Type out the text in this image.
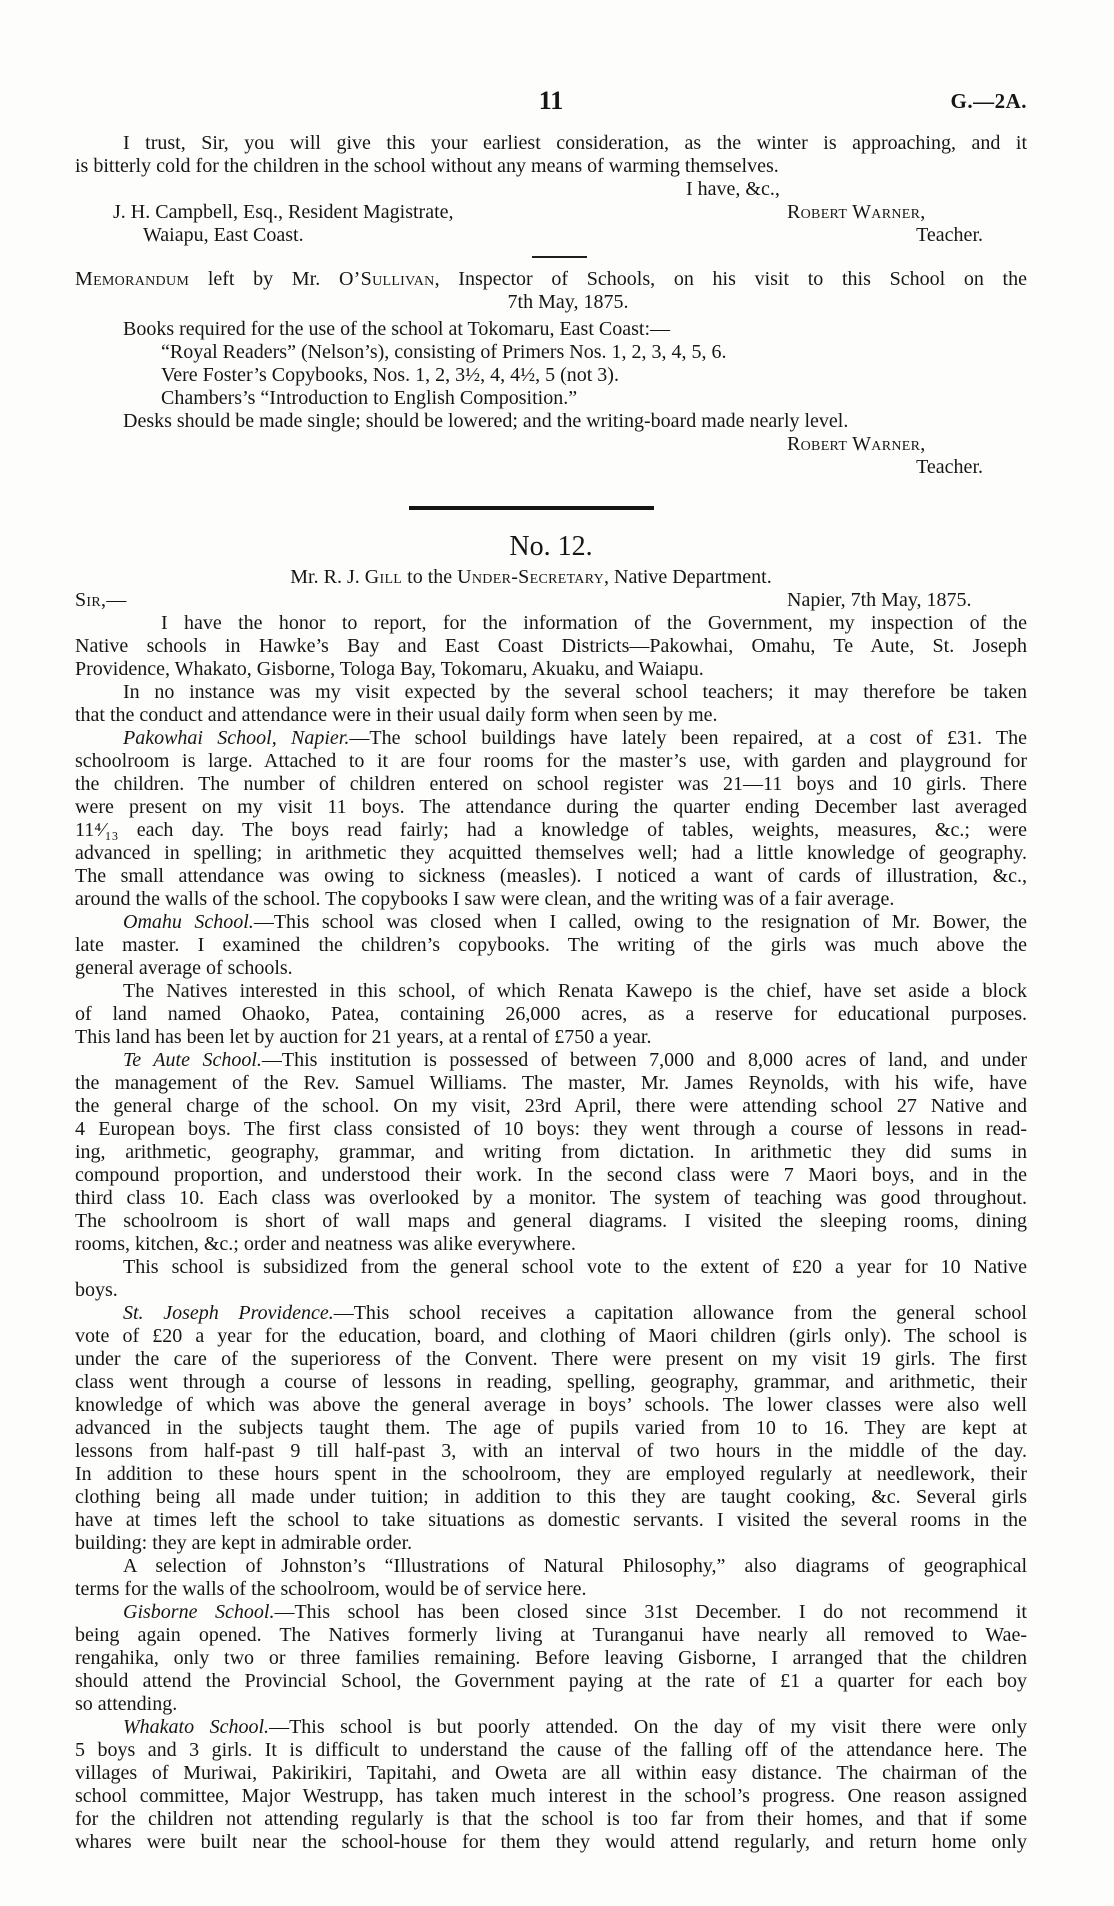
11	G.—2A.
I trust, Sir, you will give this your earliest consideration, as the winter is approaching, and it
is bitterly cold for the children in the school without any means of warming themselves.
I have, &c.,
J. H. Campbell, Esq., Resident Magistrate,	Robert Warner,
Waiapu, East Coast.	Teacher.
Memorandum left by Mr. O’Sullivan, Inspector of Schools, on his visit to this School on the
7th May, 1875.
Books required for the use of the school at Tokomaru, East Coast:—
“Royal Readers” (Nelson’s), consisting of Primers Nos. 1, 2, 3, 4, 5, 6.
Vere Foster’s Copybooks, Nos. 1, 2, 3½, 4, 4½, 5 (not 3).
Chambers’s “Introduction to English Composition.”
Desks should be made single; should be lowered; and the writing-board made nearly level.
Robert Warner,
Teacher.
No. 12.
Mr. R. J. Gill to the Under-Secretary, Native Department.
Sir,—	Napier, 7th May, 1875.
I have the honor to report, for the information of the Government, my inspection of the
Native schools in Hawke’s Bay and East Coast Districts—Pakowhai, Omahu, Te Aute, St. Joseph
Providence, Whakato, Gisborne, Tologa Bay, Tokomaru, Akuaku, and Waiapu.
In no instance was my visit expected by the several school teachers; it may therefore be taken
that the conduct and attendance were in their usual daily form when seen by me.
Pakowhai School, Napier.—The school buildings have lately been repaired, at a cost of £31. The
schoolroom is large. Attached to it are four rooms for the master’s use, with garden and playground for
the children. The number of children entered on school register was 21—11 boys and 10 girls. There
were present on my visit 11 boys. The attendance during the quarter ending December last averaged
11⁴⁄₁₃ each day. The boys read fairly; had a knowledge of tables, weights, measures, &c.; were
advanced in spelling; in arithmetic they acquitted themselves well; had a little knowledge of geography.
The small attendance was owing to sickness (measles). I noticed a want of cards of illustration, &c.,
around the walls of the school. The copybooks I saw were clean, and the writing was of a fair average.
Omahu School.—This school was closed when I called, owing to the resignation of Mr. Bower, the
late master. I examined the children’s copybooks. The writing of the girls was much above the
general average of schools.
The Natives interested in this school, of which Renata Kawepo is the chief, have set aside a block
of land named Ohaoko, Patea, containing 26,000 acres, as a reserve for educational purposes.
This land has been let by auction for 21 years, at a rental of £750 a year.
Te Aute School.—This institution is possessed of between 7,000 and 8,000 acres of land, and under
the management of the Rev. Samuel Williams. The master, Mr. James Reynolds, with his wife, have
the general charge of the school. On my visit, 23rd April, there were attending school 27 Native and
4 European boys. The first class consisted of 10 boys: they went through a course of lessons in read-
ing, arithmetic, geography, grammar, and writing from dictation. In arithmetic they did sums in
compound proportion, and understood their work. In the second class were 7 Maori boys, and in the
third class 10. Each class was overlooked by a monitor. The system of teaching was good throughout.
The schoolroom is short of wall maps and general diagrams. I visited the sleeping rooms, dining
rooms, kitchen, &c.; order and neatness was alike everywhere.
This school is subsidized from the general school vote to the extent of £20 a year for 10 Native
boys.
St. Joseph Providence.—This school receives a capitation allowance from the general school
vote of £20 a year for the education, board, and clothing of Maori children (girls only). The school is
under the care of the superioress of the Convent. There were present on my visit 19 girls. The first
class went through a course of lessons in reading, spelling, geography, grammar, and arithmetic, their
knowledge of which was above the general average in boys’ schools. The lower classes were also well
advanced in the subjects taught them. The age of pupils varied from 10 to 16. They are kept at
lessons from half-past 9 till half-past 3, with an interval of two hours in the middle of the day.
In addition to these hours spent in the schoolroom, they are employed regularly at needlework, their
clothing being all made under tuition; in addition to this they are taught cooking, &c. Several girls
have at times left the school to take situations as domestic servants. I visited the several rooms in the
building: they are kept in admirable order.
A selection of Johnston’s “Illustrations of Natural Philosophy,” also diagrams of geographical
terms for the walls of the schoolroom, would be of service here.
Gisborne School.—This school has been closed since 31st December. I do not recommend it
being again opened. The Natives formerly living at Turanganui have nearly all removed to Wae-
rengahika, only two or three families remaining. Before leaving Gisborne, I arranged that the children
should attend the Provincial School, the Government paying at the rate of £1 a quarter for each boy
so attending.
Whakato School.—This school is but poorly attended. On the day of my visit there were only
5 boys and 3 girls. It is difficult to understand the cause of the falling off of the attendance here. The
villages of Muriwai, Pakirikiri, Tapitahi, and Oweta are all within easy distance. The chairman of the
school committee, Major Westrupp, has taken much interest in the school’s progress. One reason assigned
for the children not attending regularly is that the school is too far from their homes, and that if some
whares were built near the school-house for them they would attend regularly, and return home only
